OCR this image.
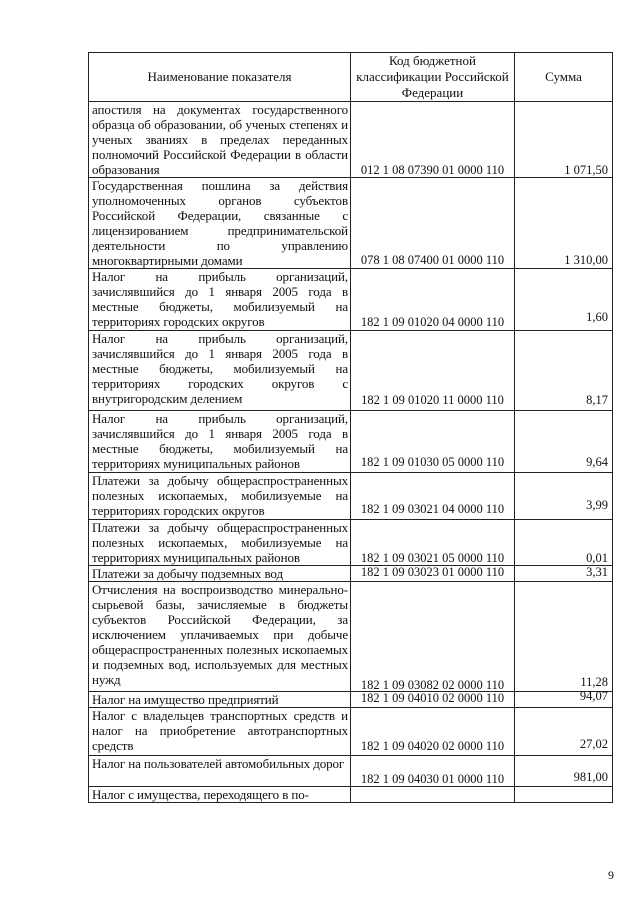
Наименование показателя	Код бюджетной классификации Российской Федерации	Сумма

апостиля на документах государственного образца об образовании, об ученых степенях и ученых званиях в пределах переданных полномочий Российской Федерации в области образования	012 1 08 07390 01 0000 110	1 071,50

Государственная пошлина за действия уполномоченных органов субъектов Российской Федерации, связанные с лицензированием предпринимательской деятельности по управлению многоквартирными домами	078 1 08 07400 01 0000 110	1 310,00

Налог на прибыль организаций, зачислявшийся до 1 января 2005 года в местные бюджеты, мобилизуемый на территориях городских округов	182 1 09 01020 04 0000 110	1,60

Налог на прибыль организаций, зачислявшийся до 1 января 2005 года в местные бюджеты, мобилизуемый на территориях городских округов с внутригородским делением	182 1 09 01020 11 0000 110	8,17

Налог на прибыль организаций, зачислявшийся до 1 января 2005 года в местные бюджеты, мобилизуемый на территориях муниципальных районов	182 1 09 01030 05 0000 110	9,64

Платежи за добычу общераспространенных полезных ископаемых, мобилизуемые на территориях городских округов	182 1 09 03021 04 0000 110	3,99

Платежи за добычу общераспространенных полезных ископаемых, мобилизуемые на территориях муниципальных районов	182 1 09 03021 05 0000 110	0,01

Платежи за добычу подземных вод	182 1 09 03023 01 0000 110	3,31

Отчисления на воспроизводство минерально-сырьевой базы, зачисляемые в бюджеты субъектов Российской Федерации, за исключением уплачиваемых при добыче общераспространенных полезных ископаемых и подземных вод, используемых для местных нужд	182 1 09 03082 02 0000 110	11,28

Налог на имущество предприятий	182 1 09 04010 02 0000 110	94,07

Налог с владельцев транспортных средств и налог на приобретение автотранспортных средств	182 1 09 04020 02 0000 110	27,02

Налог на пользователей автомобильных дорог	182 1 09 04030 01 0000 110	981,00

Налог с имущества, переходящего в по-		

9
